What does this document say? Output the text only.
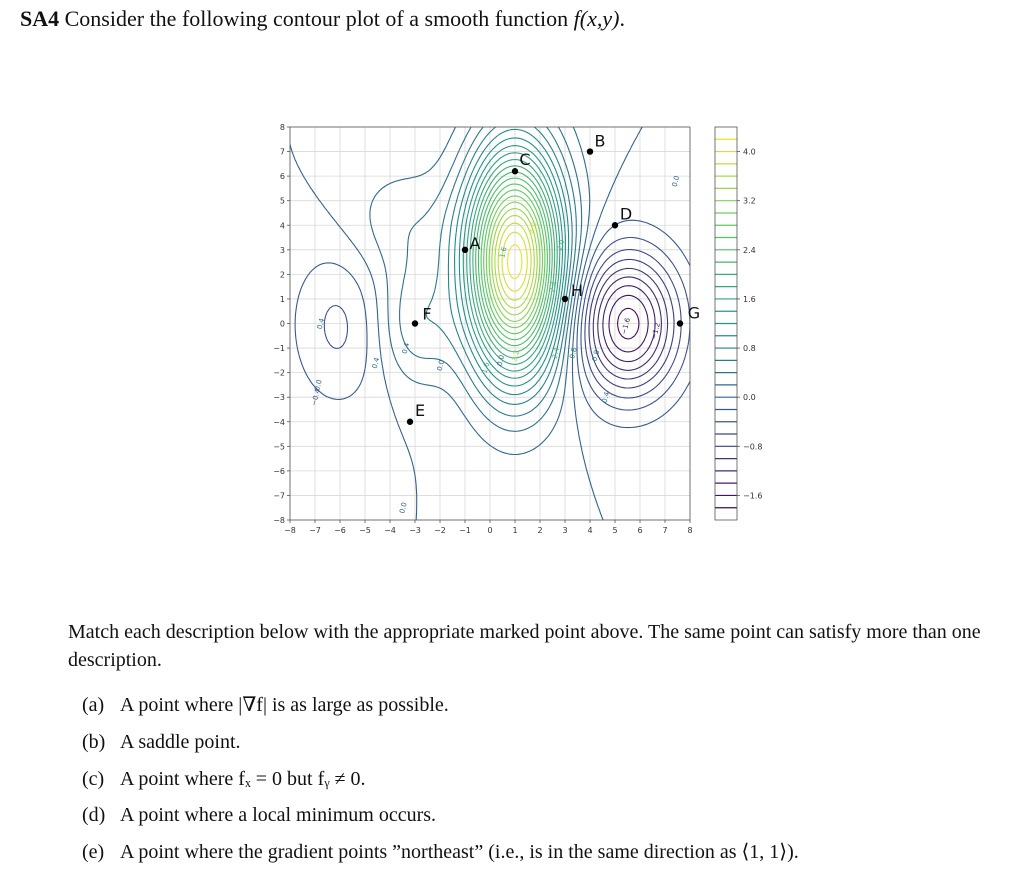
SA4 Consider the following contour plot of a smooth function f(x,y).
0.0
0.4
0.4
0.0
0.4
0.0
−0.4
0.0
1.6
3.2
4.0
1.6
2.4
2.0
2.4 0.8 0.8
0.4
−1.6	−1.2
0.0
−8 −7 −6 −5 −4 −3 −2 −1 0 1 2 3 4 5 6 7 8
−8
−7
−6
−5
−4
−3
−2
−1
0
1
2
3
4
5
6
7
8
A
B
C
D
E
F	G
H
4.0
3.2
2.4
1.6
0.8
0.0
−0.8
−1.6
Match each description below with the appropriate marked point above. The same point can satisfy more than one description.
(a) A point where |∇f| is as large as possible.
(b) A saddle point.
(c) A point where fₓ = 0 but fᵧ ≠ 0.
(d) A point where a local minimum occurs.
(e) A point where the gradient points ”northeast” (i.e., is in the same direction as ⟨1, 1⟩).
